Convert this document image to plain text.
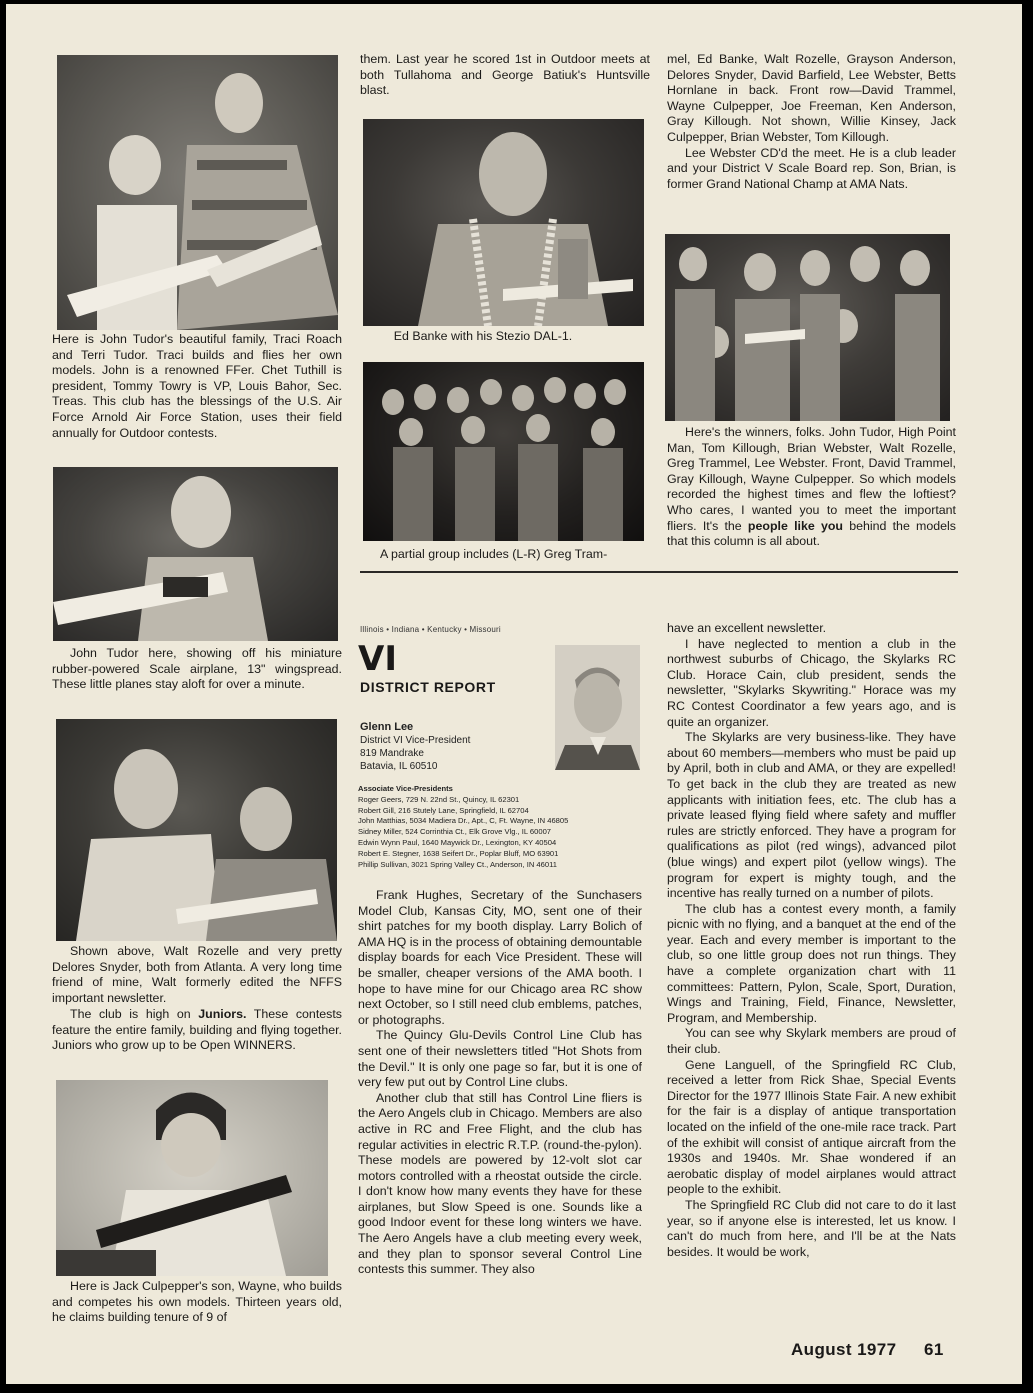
Here is John Tudor's beautiful family, Traci Roach and Terri Tudor. Traci builds and flies her own models. John is a renowned FFer. Chet Tuthill is president, Tommy Towry is VP, Louis Bahor, Sec. Treas. This club has the blessings of the U.S. Air Force Arnold Air Force Station, uses their field annually for Outdoor contests.
John Tudor here, showing off his miniature rubber-powered Scale airplane, 13" wingspread. These little planes stay aloft for over a minute.
Shown above, Walt Rozelle and very pretty Delores Snyder, both from Atlanta. A very long time friend of mine, Walt formerly edited the NFFS important newsletter.
The club is high on Juniors. These contests feature the entire family, building and flying together. Juniors who grow up to be Open WINNERS.
Here is Jack Culpepper's son, Wayne, who builds and competes his own models. Thirteen years old, he claims building tenure of 9 of
them. Last year he scored 1st in Outdoor meets at both Tullahoma and George Batiuk's Huntsville blast.
Ed Banke with his Stezio DAL-1.
A partial group includes (L-R) Greg Tram-

mel, Ed Banke, Walt Rozelle, Grayson Anderson, Delores Snyder, David Barfield, Lee Webster, Betts Hornlane in back. Front row—David Trammel, Wayne Culpepper, Joe Freeman, Ken Anderson, Gray Killough. Not shown, Willie Kinsey, Jack Culpepper, Brian Webster, Tom Killough.

Lee Webster CD'd the meet. He is a club leader and your District V Scale Board rep. Son, Brian, is former Grand National Champ at AMA Nats.

Here's the winners, folks. John Tudor, High Point Man, Tom Killough, Brian Webster, Walt Rozelle, Greg Trammel, Lee Webster. Front, David Trammel, Gray Killough, Wayne Culpepper. So which models recorded the highest times and flew the loftiest? Who cares, I wanted you to meet the important fliers. It's the people like you behind the models that this column is all about.
Illinois • Indiana • Kentucky • Missouri
VI
DISTRICT REPORT
Glenn Lee
District VI Vice-President
819 Mandrake
Batavia, IL 60510
Associate Vice-Presidents
Roger Geers, 729 N. 22nd St., Quincy, IL 62301
Robert Gill, 216 Stutely Lane, Springfield, IL 62704
John Matthias, 5034 Madiera Dr., Apt., C, Ft. Wayne, IN 46805
Sidney Miller, 524 Corrinthia Ct., Elk Grove Vlg., IL 60007
Edwin Wynn Paul, 1640 Maywick Dr., Lexington, KY 40504
Robert E. Stegner, 1638 Seifert Dr., Poplar Bluff, MO 63901
Phillip Sullivan, 3021 Spring Valley Ct., Anderson, IN 46011

Frank Hughes, Secretary of the Sunchasers Model Club, Kansas City, MO, sent one of their shirt patches for my booth display. Larry Bolich of AMA HQ is in the process of obtaining demountable display boards for each Vice President. These will be smaller, cheaper versions of the AMA booth. I hope to have mine for our Chicago area RC show next October, so I still need club emblems, patches, or photographs.

The Quincy Glu-Devils Control Line Club has sent one of their newsletters titled "Hot Shots from the Devil." It is only one page so far, but it is one of very few put out by Control Line clubs.

Another club that still has Control Line fliers is the Aero Angels club in Chicago. Members are also active in RC and Free Flight, and the club has regular activities in electric R.T.P. (round-the-pylon). These models are powered by 12-volt slot car motors controlled with a rheostat outside the circle. I don't know how many events they have for these airplanes, but Slow Speed is one. Sounds like a good Indoor event for these long winters we have. The Aero Angels have a club meeting every week, and they plan to sponsor several Control Line contests this summer. They also

have an excellent newsletter.

I have neglected to mention a club in the northwest suburbs of Chicago, the Skylarks RC Club. Horace Cain, club president, sends the newsletter, "Skylarks Skywriting." Horace was my RC Contest Coordinator a few years ago, and is quite an organizer.

The Skylarks are very business-like. They have about 60 members—members who must be paid up by April, both in club and AMA, or they are expelled! To get back in the club they are treated as new applicants with initiation fees, etc. The club has a private leased flying field where safety and muffler rules are strictly enforced. They have a program for qualifications as pilot (red wings), advanced pilot (blue wings) and expert pilot (yellow wings). The program for expert is mighty tough, and the incentive has really turned on a number of pilots.

The club has a contest every month, a family picnic with no flying, and a banquet at the end of the year. Each and every member is important to the club, so one little group does not run things. They have a complete organization chart with 11 committees: Pattern, Pylon, Scale, Sport, Duration, Wings and Training, Field, Finance, Newsletter, Program, and Membership.

You can see why Skylark members are proud of their club.

Gene Languell, of the Springfield RC Club, received a letter from Rick Shae, Special Events Director for the 1977 Illinois State Fair. A new exhibit for the fair is a display of antique transportation located on the infield of the one-mile race track. Part of the exhibit will consist of antique aircraft from the 1930s and 1940s. Mr. Shae wondered if an aerobatic display of model airplanes would attract people to the exhibit.

The Springfield RC Club did not care to do it last year, so if anyone else is interested, let us know. I can't do much from here, and I'll be at the Nats besides. It would be work,

August 1977 61
